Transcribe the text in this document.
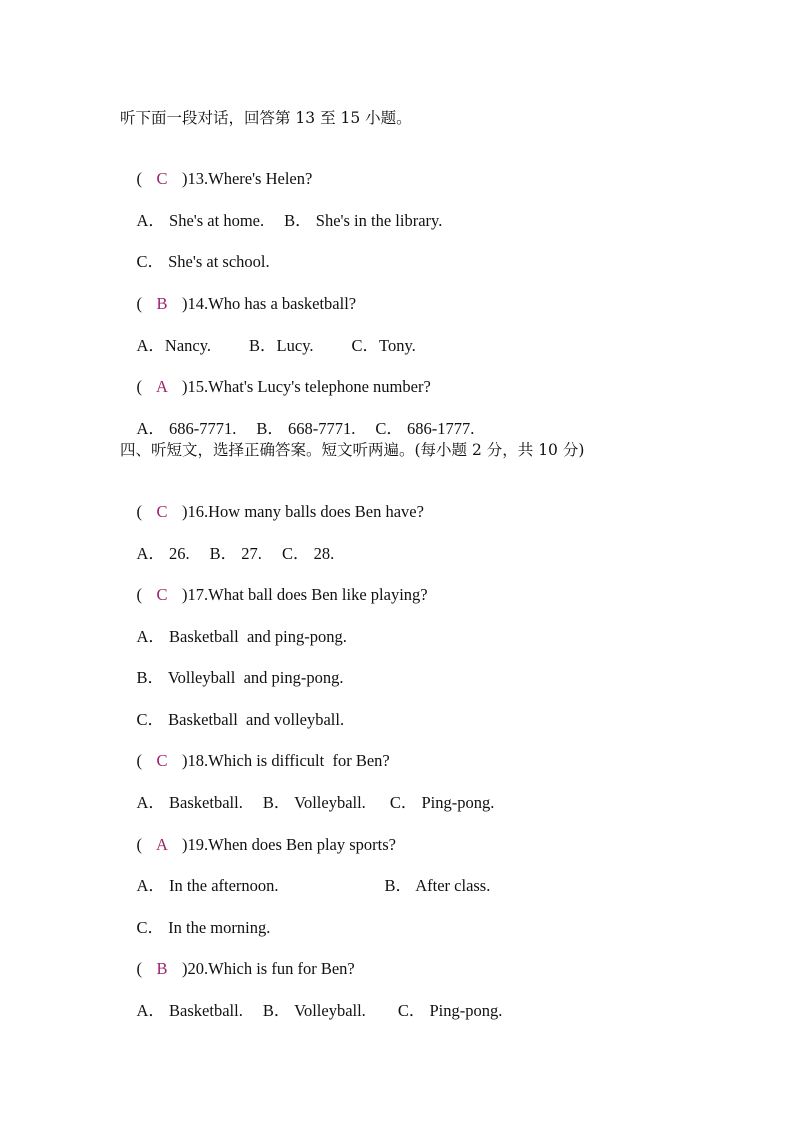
听下面一段对话，回答第 13 至 15 小题。

( C )13.Where's Helen?

A． She's at home. B． She's in the library.

C． She's at school.

( B )14.Who has a basketball?

A．Nancy. B．Lucy. C．Tony.

( A )15.What's Lucy's telephone number?

A． 686-7771. B． 668-7771. C． 686-1777.

四、听短文，选择正确答案。短文听两遍。(每小题 2 分，共 10 分)

( C )16.How many balls does Ben have?

A． 26. B． 27. C． 28.

( C )17.What ball does Ben like playing?

A． Basketball  and ping-pong.

B． Volleyball  and ping-pong.

C． Basketball  and volleyball.

( C )18.Which is difficult  for Ben?

A． Basketball. B． Volleyball. C． Ping-pong.

( A )19.When does Ben play sports?

A． In the afternoon.	B． After class.

C． In the morning.

( B )20.Which is fun for Ben?

A． Basketball. B． Volleyball. C． Ping-pong.
